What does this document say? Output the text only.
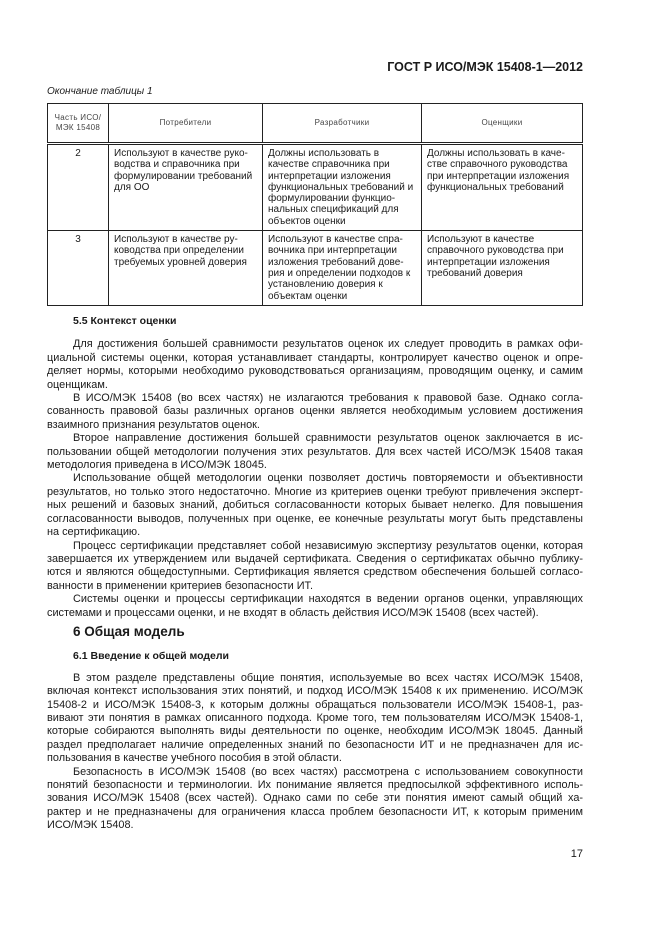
ГОСТ Р ИСО/МЭК 15408-1—2012
Окончание таблицы 1
Часть ИСО/МЭК 15408	Потребители	Разработчики	Оценщики
2	Используют в качестве руко-водства и справочника при формулировании требований для ОО	Должны использовать в качестве справочника при интерпретации изложения функциональных требований и формулировании функцио-нальных спецификаций для объектов оценки	Должны использовать в каче-стве справочного руководства при интерпретации изложения функциональных требований
3	Используют в качестве ру-ководства при определении требуемых уровней доверия	Используют в качестве спра-вочника при интерпретации изложения требований дове-рия и определении подходов к установлению доверия к объектам оценки	Используют в качестве справочного руководства при интерпретации изложения требований доверия
5.5 Контекст оценки
Для достижения большей сравнимости результатов оценок их следует проводить в рамках офи-
циальной системы оценки, которая устанавливает стандарты, контролирует качество оценок и опре-
деляет нормы, которыми необходимо руководствоваться организациям, проводящим оценку, и самим
оценщикам.
В ИСО/МЭК 15408 (во всех частях) не излагаются требования к правовой базе. Однако согла-
сованность правовой базы различных органов оценки является необходимым условием достижения
взаимного признания результатов оценок.
Второе направление достижения большей сравнимости результатов оценок заключается в ис-
пользовании общей методологии получения этих результатов. Для всех частей ИСО/МЭК 15408 такая
методология приведена в ИСО/МЭК 18045.
Использование общей методологии оценки позволяет достичь повторяемости и объективности
результатов, но только этого недостаточно. Многие из критериев оценки требуют привлечения эксперт-
ных решений и базовых знаний, добиться согласованности которых бывает нелегко. Для повышения
согласованности выводов, полученных при оценке, ее конечные результаты могут быть представлены
на сертификацию.
Процесс сертификации представляет собой независимую экспертизу результатов оценки, которая
завершается их утверждением или выдачей сертификата. Сведения о сертификатах обычно публику-
ются и являются общедоступными. Сертификация является средством обеспечения большей согласо-
ванности в применении критериев безопасности ИТ.
Системы оценки и процессы сертификации находятся в ведении органов оценки, управляющих
системами и процессами оценки, и не входят в область действия ИСО/МЭК 15408 (всех частей).
6 Общая модель
6.1 Введение к общей модели
В этом разделе представлены общие понятия, используемые во всех частях ИСО/МЭК 15408,
включая контекст использования этих понятий, и подход ИСО/МЭК 15408 к их применению. ИСО/МЭК
15408-2 и ИСО/МЭК 15408-3, к которым должны обращаться пользователи ИСО/МЭК 15408-1, раз-
вивают эти понятия в рамках описанного подхода. Кроме того, тем пользователям ИСО/МЭК 15408-1,
которые собираются выполнять виды деятельности по оценке, необходим ИСО/МЭК 18045. Данный
раздел предполагает наличие определенных знаний по безопасности ИТ и не предназначен для ис-
пользования в качестве учебного пособия в этой области.
Безопасность в ИСО/МЭК 15408 (во всех частях) рассмотрена с использованием совокупности
понятий безопасности и терминологии. Их понимание является предпосылкой эффективного исполь-
зования ИСО/МЭК 15408 (всех частей). Однако сами по себе эти понятия имеют самый общий ха-
рактер и не предназначены для ограничения класса проблем безопасности ИТ, к которым применим
ИСО/МЭК 15408.
17
